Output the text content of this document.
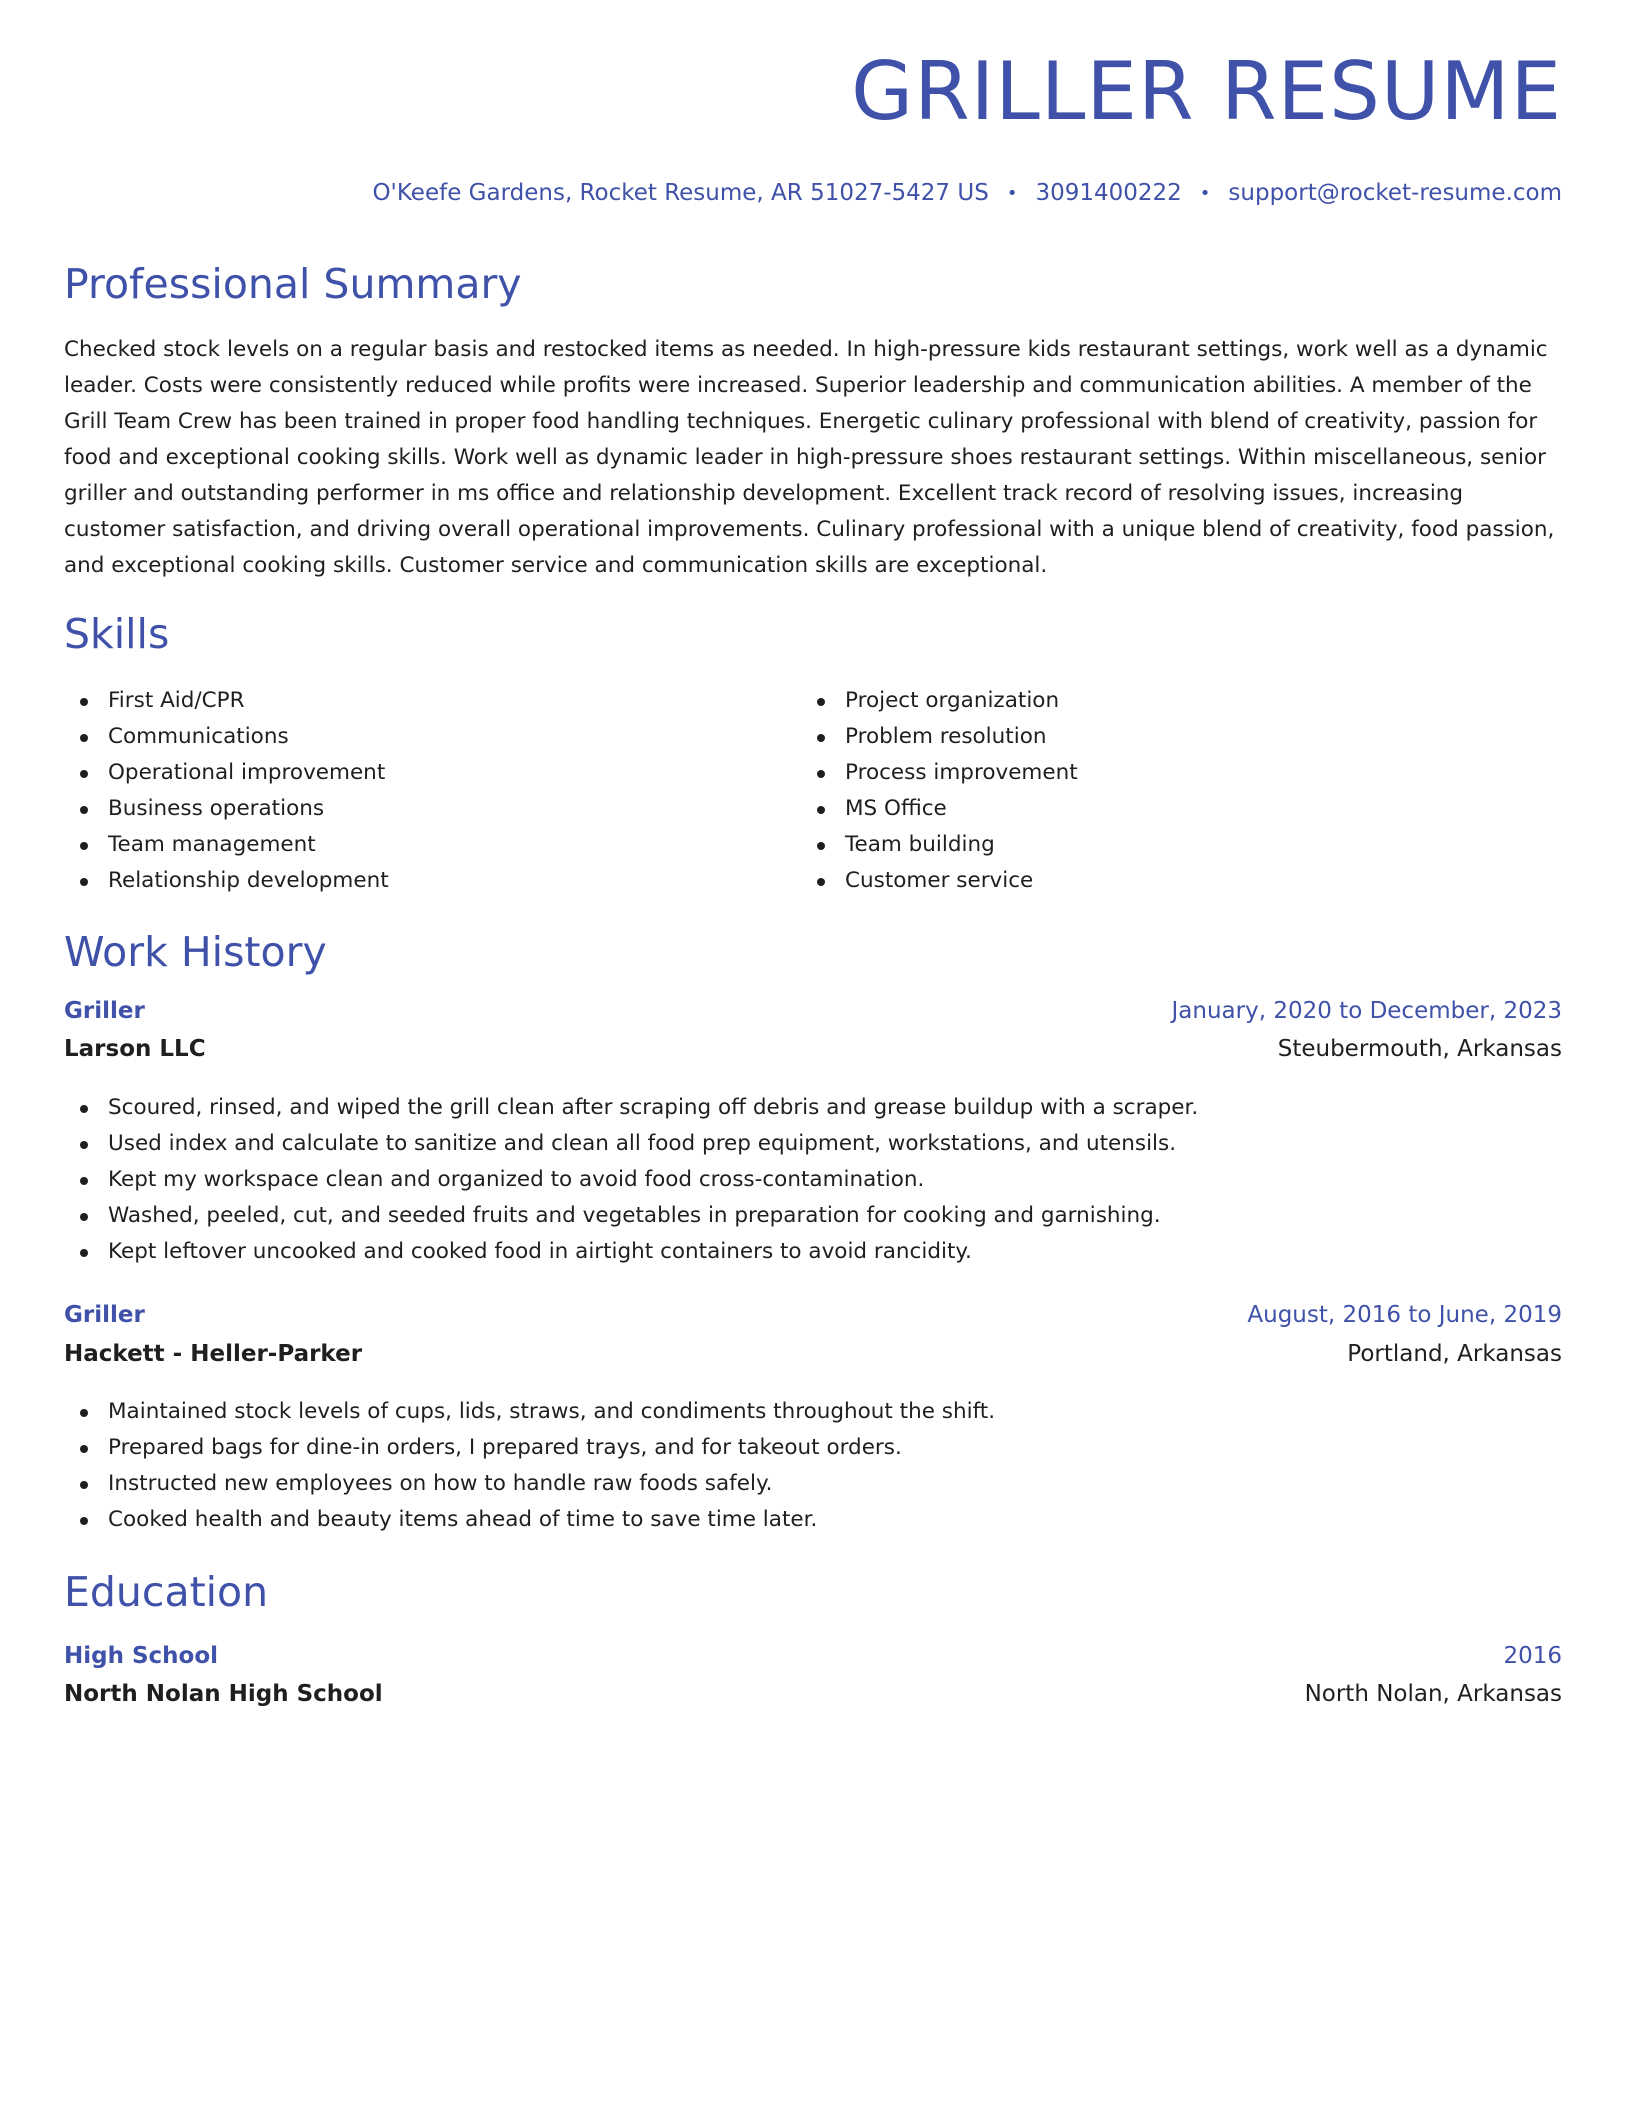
GRILLER RESUME
O'Keefe Gardens, Rocket Resume, AR 51027-5427 US • 3091400222 • support@rocket-resume.com
Professional Summary
Checked stock levels on a regular basis and restocked items as needed. In high-pressure kids restaurant settings, work well as a dynamic leader. Costs were consistently reduced while profits were increased. Superior leadership and communication abilities. A member of the Grill Team Crew has been trained in proper food handling techniques. Energetic culinary professional with blend of creativity, passion for food and exceptional cooking skills. Work well as dynamic leader in high-pressure shoes restaurant settings. Within miscellaneous, senior griller and outstanding performer in ms office and relationship development. Excellent track record of resolving issues, increasing customer satisfaction, and driving overall operational improvements. Culinary professional with a unique blend of creativity, food passion, and exceptional cooking skills. Customer service and communication skills are exceptional.
Skills
First Aid/CPR
Communications
Operational improvement
Business operations
Team management
Relationship development
Project organization
Problem resolution
Process improvement
MS Office
Team building
Customer service
Work History
Griller	January, 2020 to December, 2023
Larson LLC	Steubermouth, Arkansas
Scoured, rinsed, and wiped the grill clean after scraping off debris and grease buildup with a scraper.
Used index and calculate to sanitize and clean all food prep equipment, workstations, and utensils.
Kept my workspace clean and organized to avoid food cross-contamination.
Washed, peeled, cut, and seeded fruits and vegetables in preparation for cooking and garnishing.
Kept leftover uncooked and cooked food in airtight containers to avoid rancidity.
Griller	August, 2016 to June, 2019
Hackett - Heller-Parker	Portland, Arkansas
Maintained stock levels of cups, lids, straws, and condiments throughout the shift.
Prepared bags for dine-in orders, I prepared trays, and for takeout orders.
Instructed new employees on how to handle raw foods safely.
Cooked health and beauty items ahead of time to save time later.
Education
High School	2016
North Nolan High School	North Nolan, Arkansas
